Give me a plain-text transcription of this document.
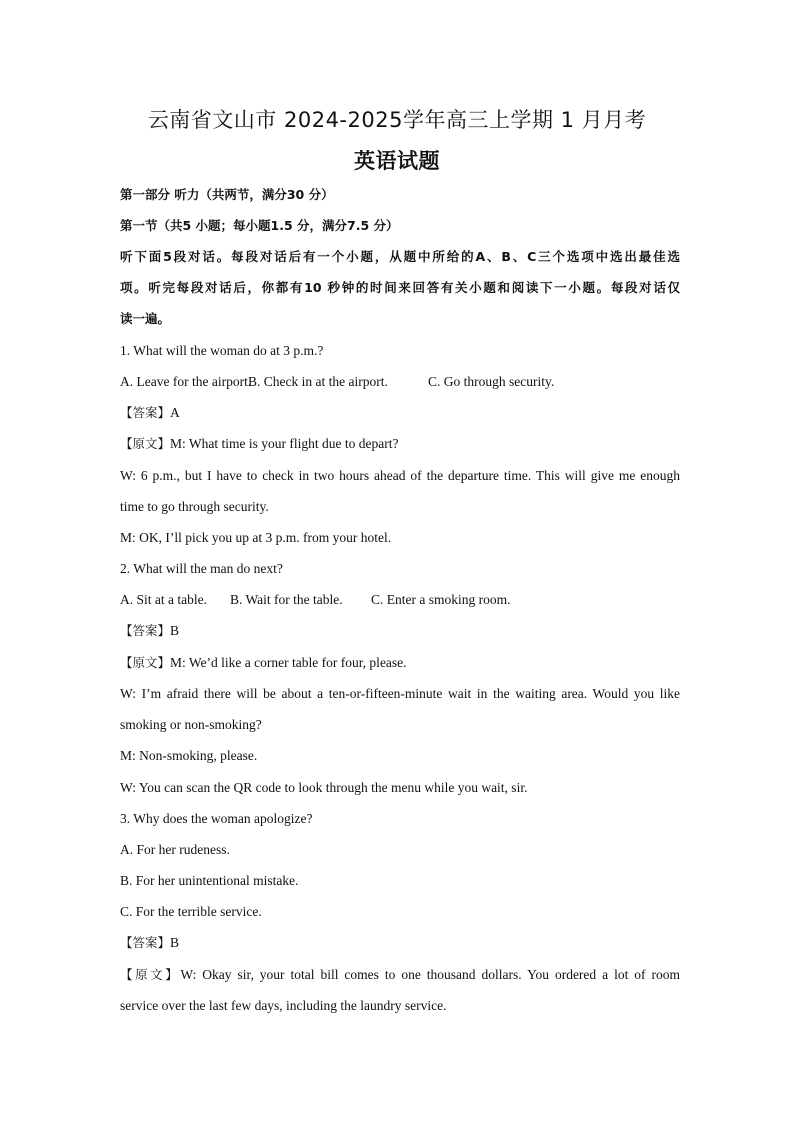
云南省文山市 2024-2025学年高三上学期 1 月月考
英语试题
第一部分 听力（共两节，满分30 分）
第一节（共5 小题；每小题1.5 分，满分7.5 分）
听下面5段对话。每段对话后有一个小题，从题中所给的A、B、C三个选项中选出最佳选
项。听完每段对话后，你都有10 秒钟的时间来回答有关小题和阅读下一小题。每段对话仅
读一遍。
1. What will the woman do at 3 p.m.?
A. Leave for the airport.B. Check in at the airport.	C. Go through security.
【答案】A
【原文】M: What time is your flight due to depart?
W: 6 p.m., but I have to check in two hours ahead of the departure time. This will give me enough
time to go through security.
M: OK, I’ll pick you up at 3 p.m. from your hotel.
2. What will the man do next?
A. Sit at a table. B. Wait for the table. C. Enter a smoking room.
【答案】B
【原文】M: We’d like a corner table for four, please.
W: I’m afraid there will be about a ten-or-fifteen-minute wait in the waiting area. Would you like
smoking or non-smoking?
M: Non-smoking, please.
W: You can scan the QR code to look through the menu while you wait, sir.
3. Why does the woman apologize?
A. For her rudeness.
B. For her unintentional mistake.
C. For the terrible service.
【答案】B
【原文】W: Okay sir, your total bill comes to one thousand dollars. You ordered a lot of room
service over the last few days, including the laundry service.
